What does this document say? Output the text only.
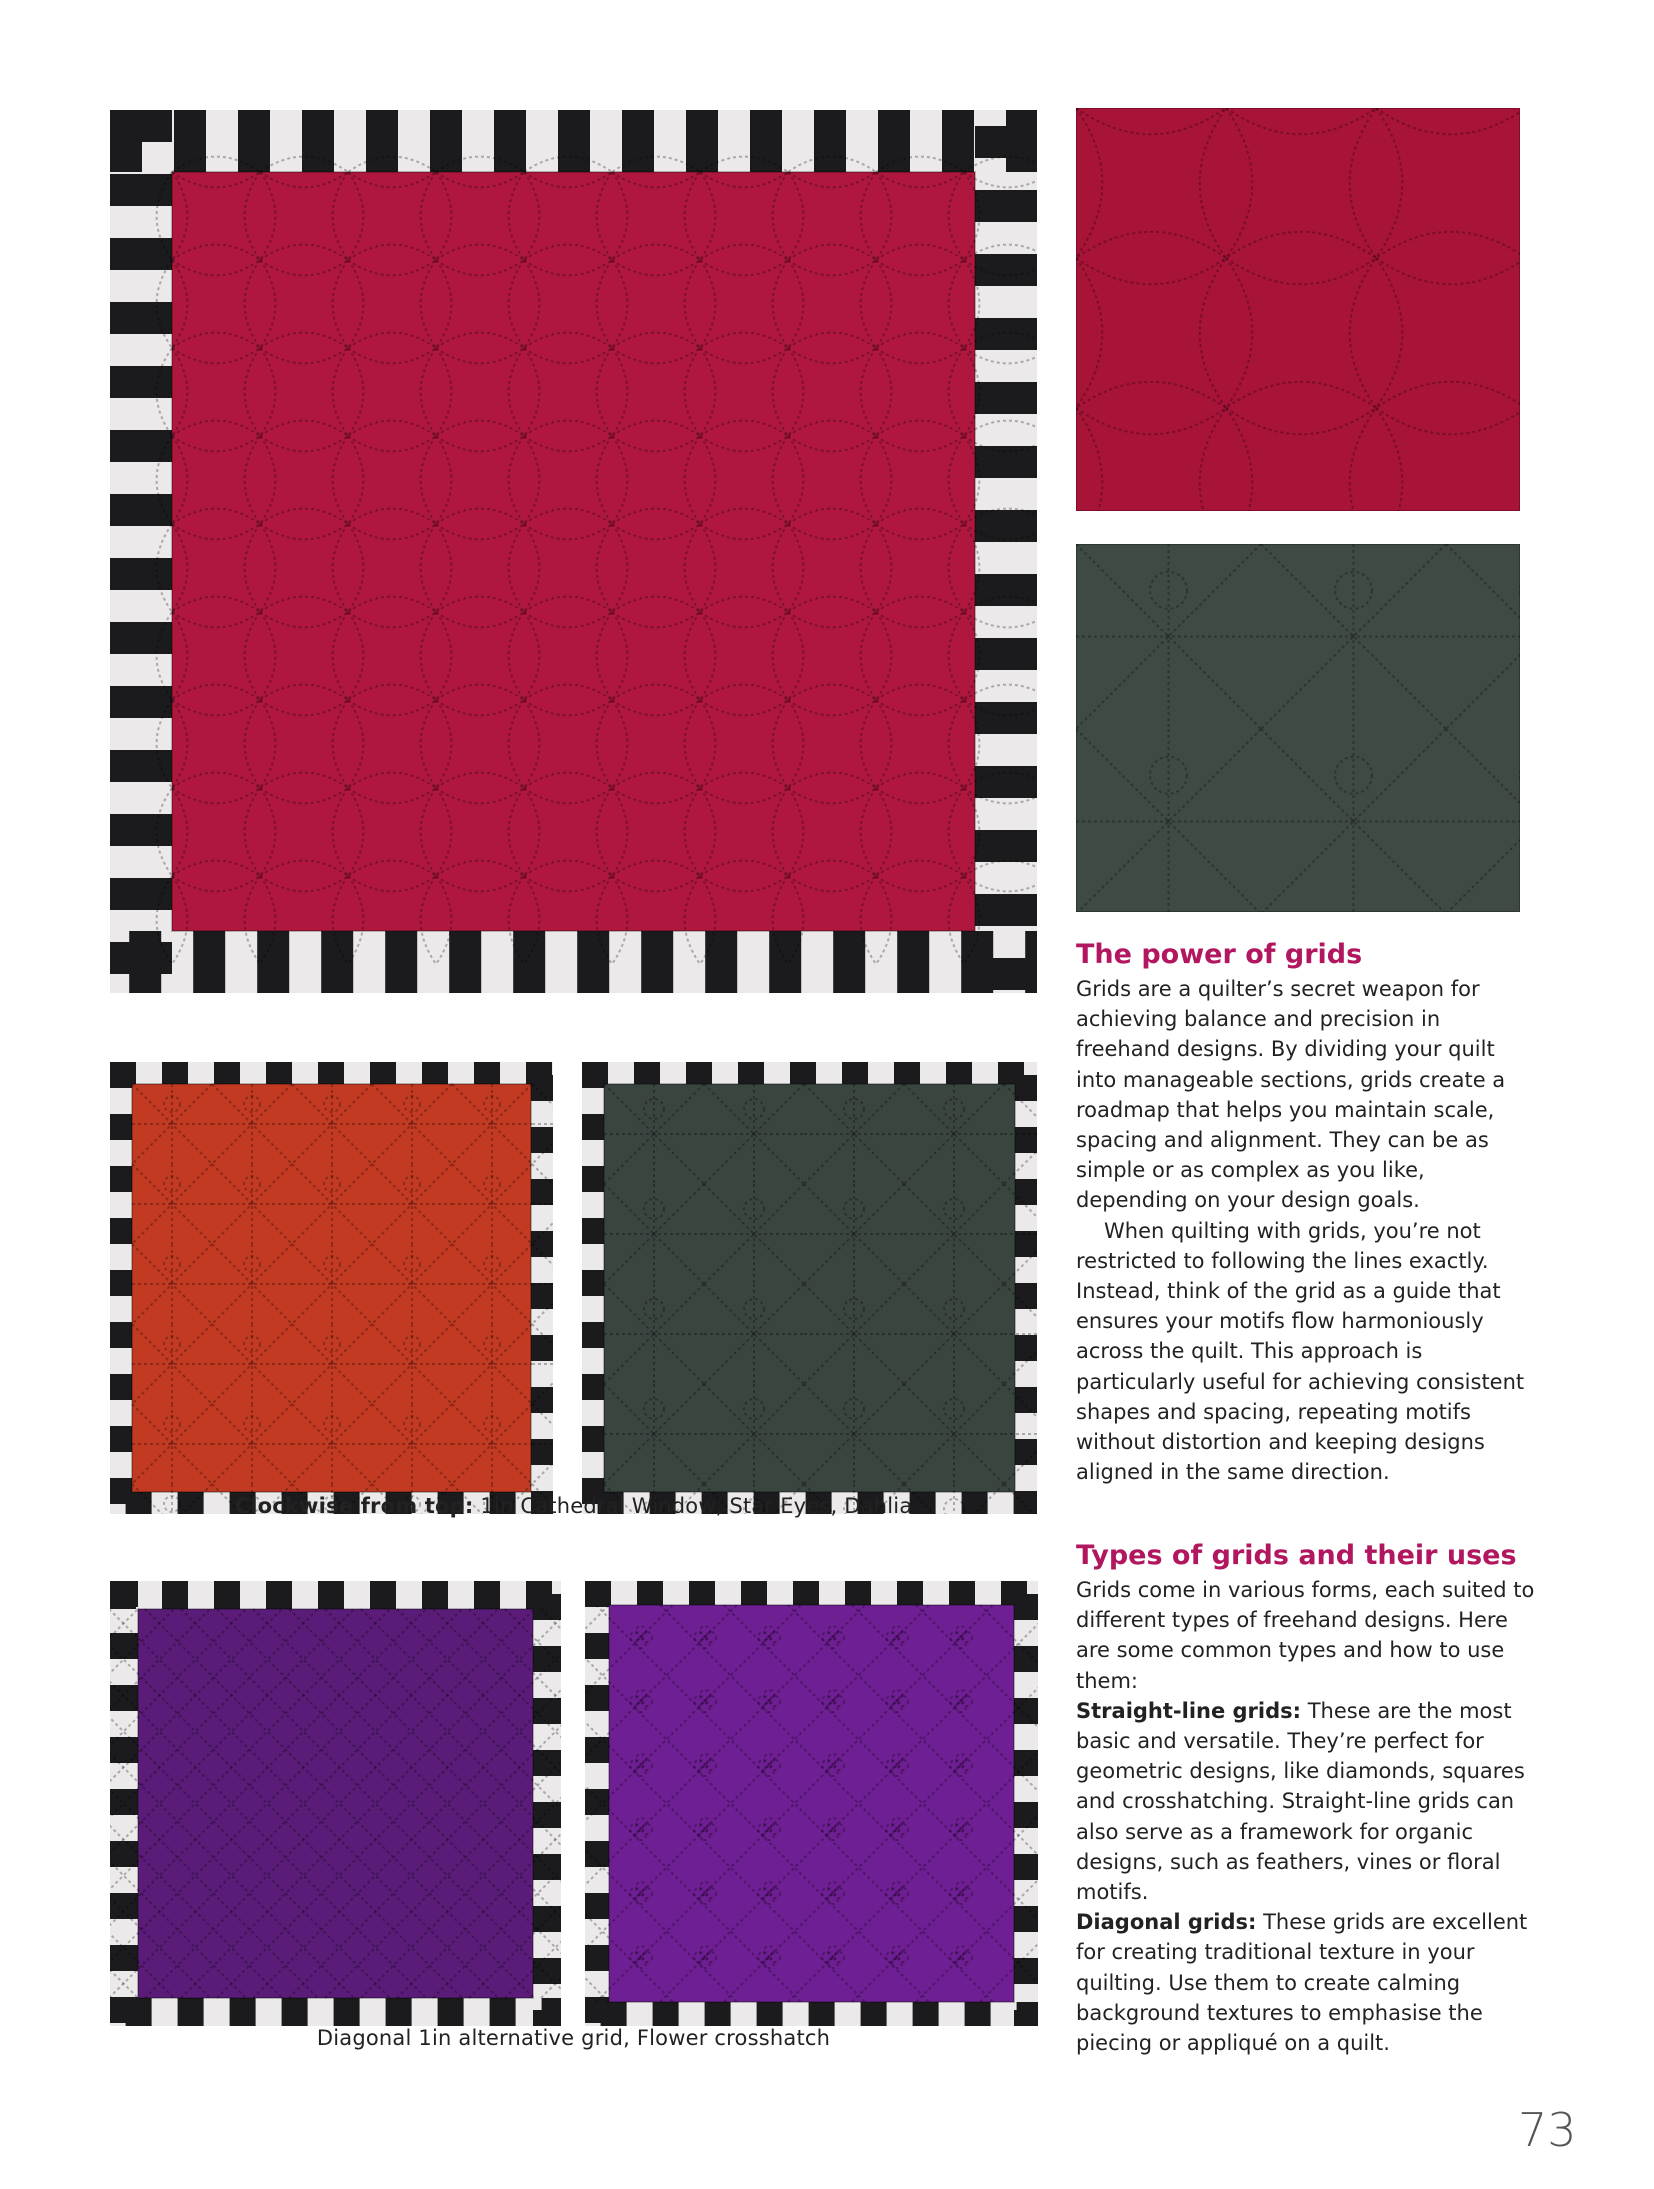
Clockwise from top: 1in Cathedral Window, Star Eyes, Dahlia
Diagonal 1in alternative grid, Flower crosshatch
The power of grids

Grids are a quilter’s secret weapon for achieving balance and precision in freehand designs. By dividing your quilt into manageable sections, grids create a roadmap that helps you maintain scale, spacing and alignment. They can be as simple or as complex as you like, depending on your design goals.

When quilting with grids, you’re not restricted to following the lines exactly. Instead, think of the grid as a guide that ensures your motifs flow harmoniously across the quilt. This approach is particularly useful for achieving consistent shapes and spacing, repeating motifs without distortion and keeping designs aligned in the same direction.

Types of grids and their uses

Grids come in various forms, each suited to different types of freehand designs. Here are some common types and how to use them:

Straight-line grids: These are the most basic and versatile. They’re perfect for geometric designs, like diamonds, squares and crosshatching. Straight-line grids can also serve as a framework for organic designs, such as feathers, vines or floral motifs.

Diagonal grids: These grids are excellent for creating traditional texture in your quilting. Use them to create calming background textures to emphasise the piecing or appliqué on a quilt.

73
